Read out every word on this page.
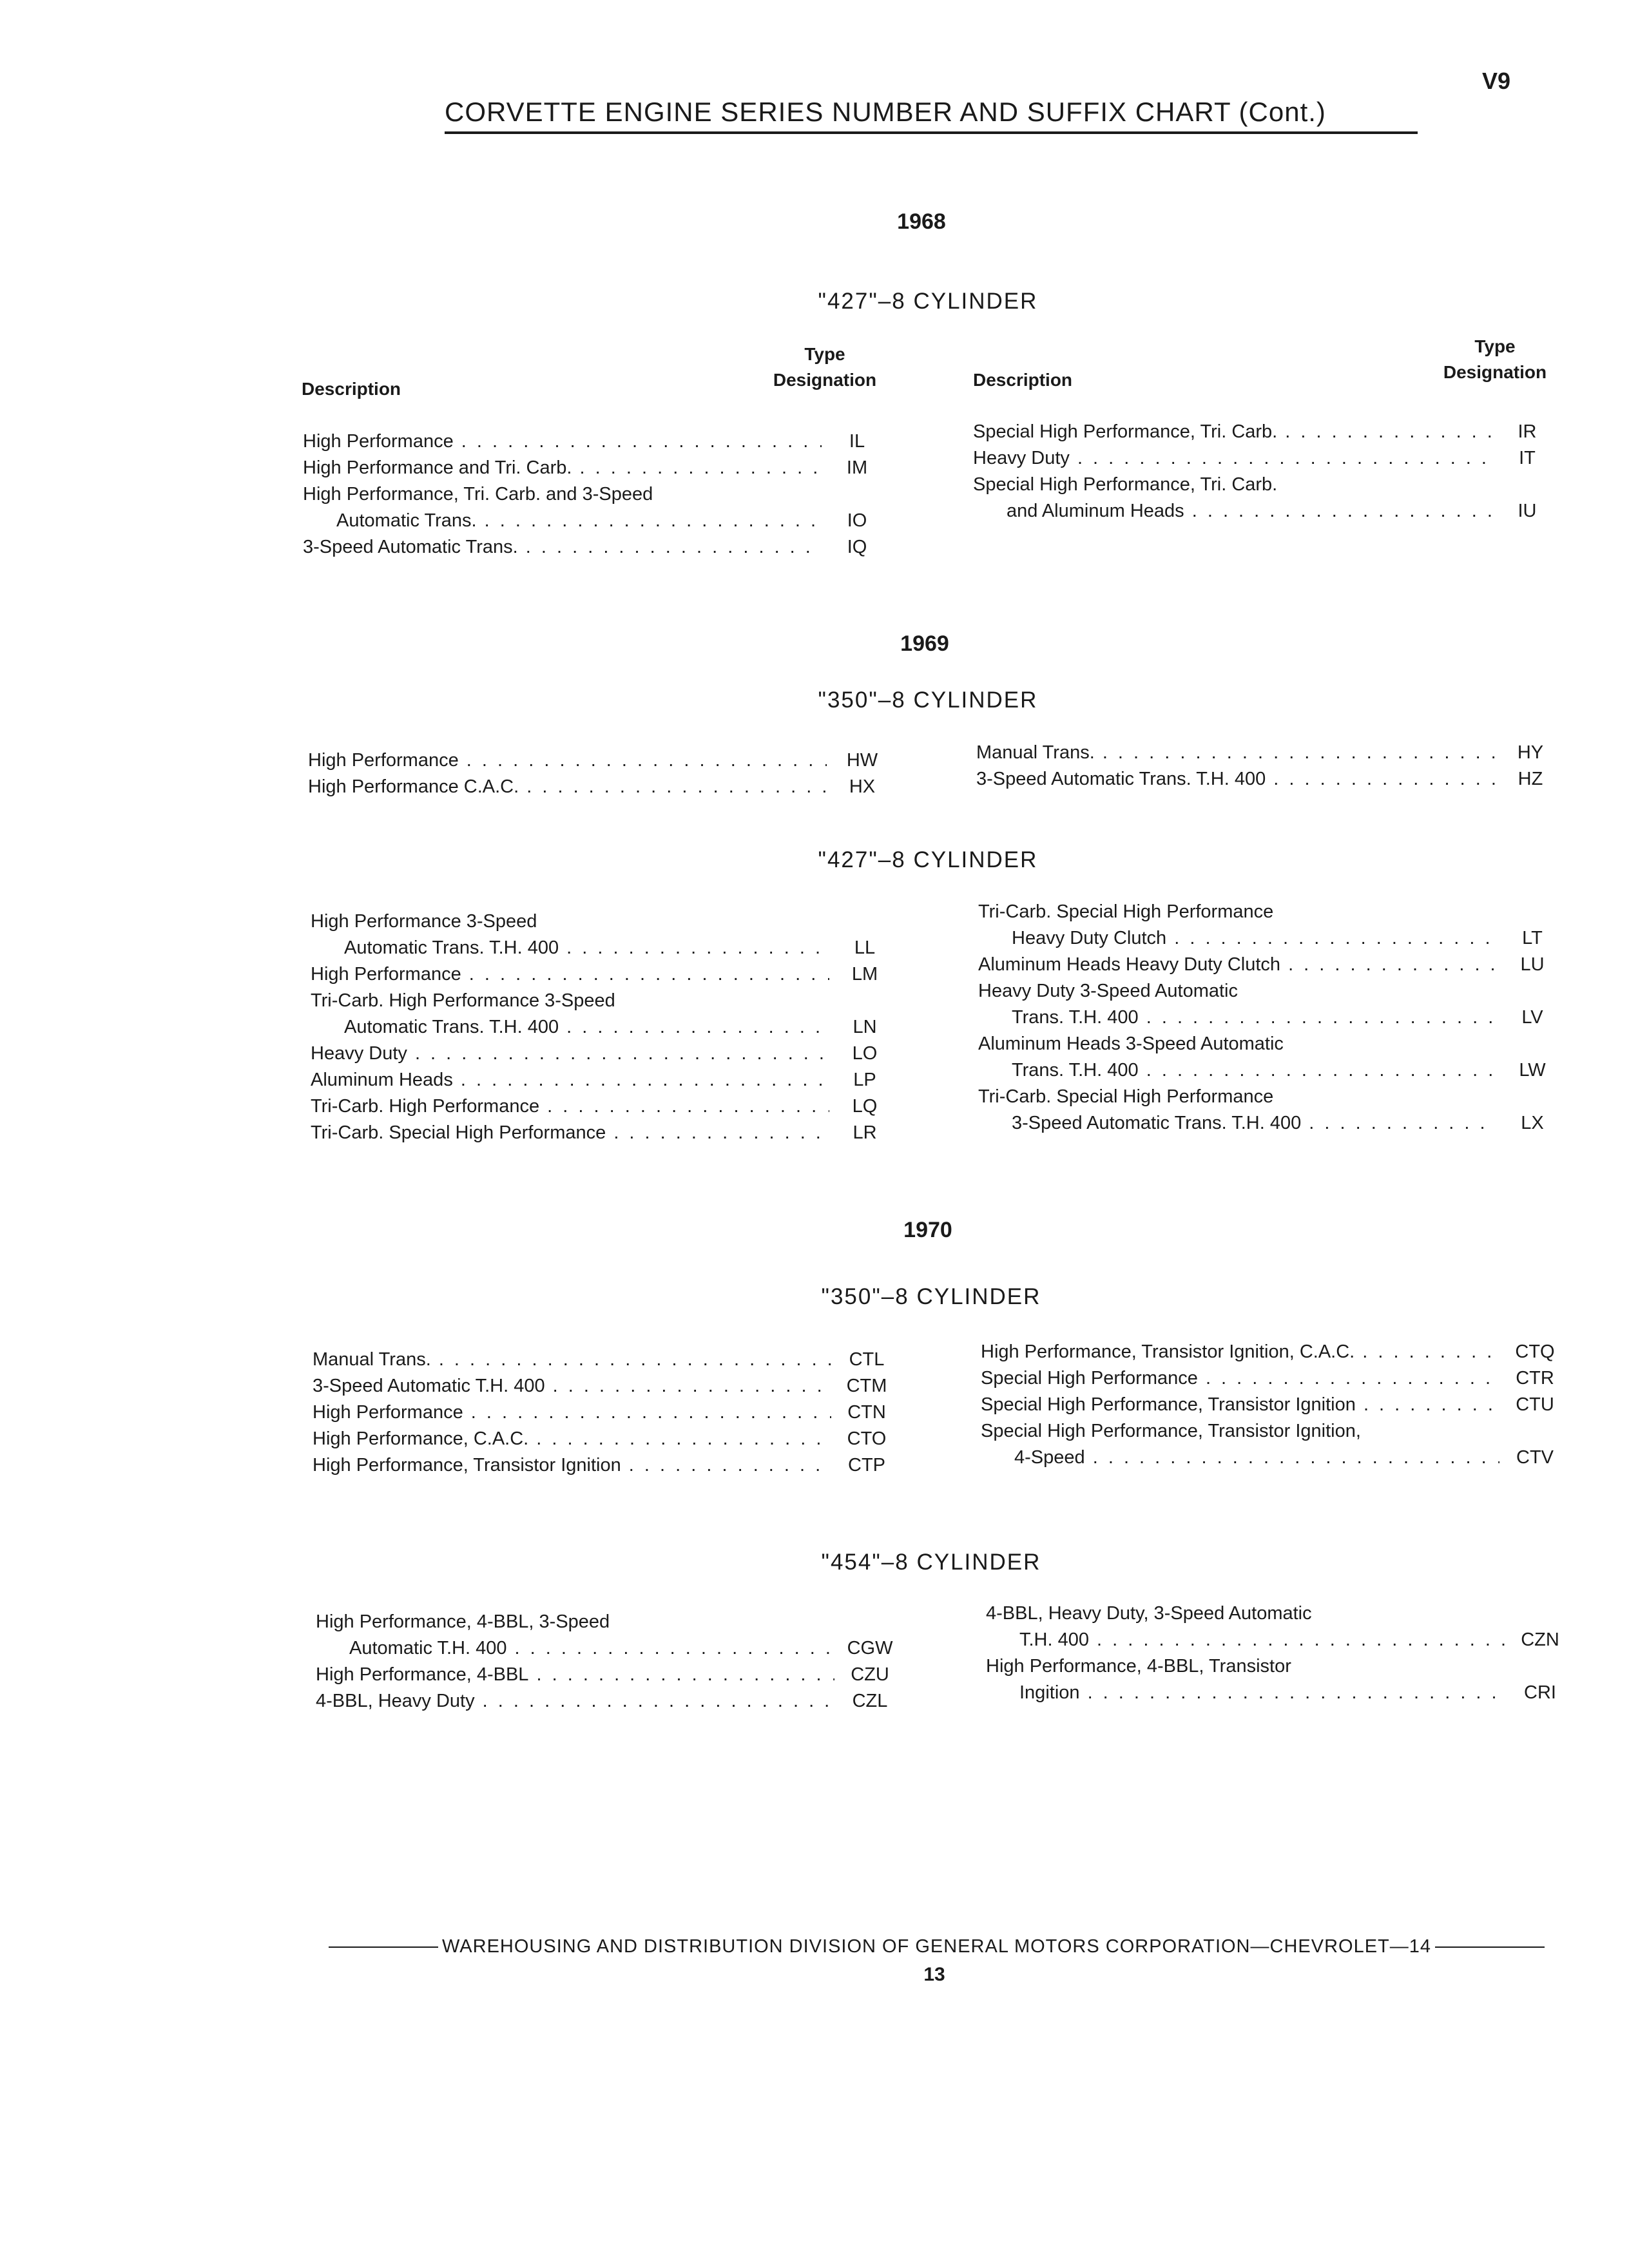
V9
CORVETTE ENGINE SERIES NUMBER AND SUFFIX CHART (Cont.)
1968
"427"–8 CYLINDER
Description
Type
Designation	Description
Type
Designation
High Performance . . .	IL
High Performance and Tri. Carb. . . .	IM
High Performance, Tri. Carb. and 3-Speed
Automatic Trans. . . .	IO
3-Speed Automatic Trans. . . .	IQ
Special High Performance, Tri. Carb. . . .	IR
Heavy Duty . . .	IT
Special High Performance, Tri. Carb.
and Aluminum Heads . . .	IU
1969
"350"–8 CYLINDER
High Performance . . .	HW
High Performance C.A.C. . . .	HX
Manual Trans. . . .	HY
3-Speed Automatic Trans. T.H. 400 . . .	HZ
"427"–8 CYLINDER
High Performance 3-Speed
Automatic Trans. T.H. 400 . . .	LL
High Performance . . .	LM
Tri-Carb. High Performance 3-Speed
Automatic Trans. T.H. 400 . . .	LN
Heavy Duty . . .	LO
Aluminum Heads . . .	LP
Tri-Carb. High Performance . . .	LQ
Tri-Carb. Special High Performance . . .	LR
Tri-Carb. Special High Performance
Heavy Duty Clutch . . .	LT
Aluminum Heads Heavy Duty Clutch . . .	LU
Heavy Duty 3-Speed Automatic
Trans. T.H. 400 . . .	LV
Aluminum Heads 3-Speed Automatic
Trans. T.H. 400 . . .	LW
Tri-Carb. Special High Performance
3-Speed Automatic Trans. T.H. 400 . . .	LX
1970
"350"–8 CYLINDER
Manual Trans. . . .	CTL
3-Speed Automatic T.H. 400 . . .	CTM
High Performance . . .	CTN
High Performance, C.A.C. . . .	CTO
High Performance, Transistor Ignition . . .	CTP
High Performance, Transistor Ignition, C.A.C. . . .	CTQ
Special High Performance . . .	CTR
Special High Performance, Transistor Ignition . . .	CTU
Special High Performance, Transistor Ignition,
4-Speed . . .	CTV
"454"–8 CYLINDER
High Performance, 4-BBL, 3-Speed
Automatic T.H. 400 . . .	CGW
High Performance, 4-BBL . . .	CZU
4-BBL, Heavy Duty . . .	CZL
4-BBL, Heavy Duty, 3-Speed Automatic
T.H. 400 . . .	CZN
High Performance, 4-BBL, Transistor
Ingition . . .	CRI
WAREHOUSING AND DISTRIBUTION DIVISION OF GENERAL MOTORS CORPORATION—CHEVROLET—14
13
